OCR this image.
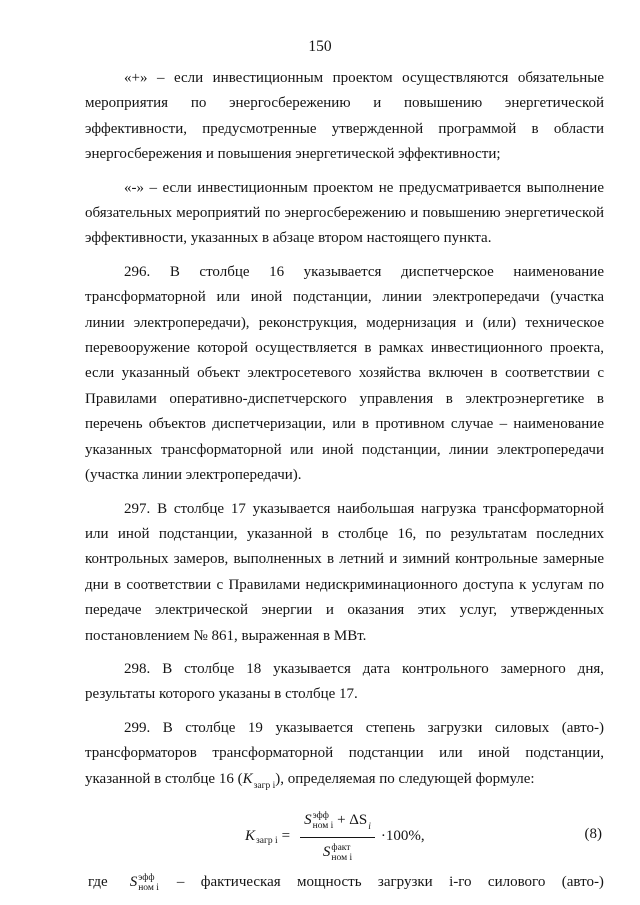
150

«+» – если инвестиционным проектом осуществляются обязательные мероприятия по энергосбережению и повышению энергетической эффективности, предусмотренные утвержденной программой в области энергосбережения и повышения энергетической эффективности;

«-» – если инвестиционным проектом не предусматривается выполнение обязательных мероприятий по энергосбережению и повышению энергетической эффективности, указанных в абзаце втором настоящего пункта.

296. В столбце 16 указывается диспетчерское наименование трансформаторной или иной подстанции, линии электропередачи (участка линии электропередачи), реконструкция, модернизация и (или) техническое перевооружение которой осуществляется в рамках инвестиционного проекта, если указанный объект электросетевого хозяйства включен в соответствии с Правилами оперативно-диспетчерского управления в электроэнергетике в перечень объектов диспетчеризации, или в противном случае – наименование указанных трансформаторной или иной подстанции, линии электропередачи (участка линии электропередачи).

297. В столбце 17 указывается наибольшая нагрузка трансформаторной или иной подстанции, указанной в столбце 16, по результатам последних контрольных замеров, выполненных в летний и зимний контрольные замерные дни в соответствии с Правилами недискриминационного доступа к услугам по передаче электрической энергии и оказания этих услуг, утвержденных постановлением № 861, выраженная в МВт.

298. В столбце 18 указывается дата контрольного замерного дня, результаты которого указаны в столбце 17.

299. В столбце 19 указывается степень загрузки силовых (авто-) трансформаторов трансформаторной подстанции или иной подстанции, указанной в столбце 16 $(K_{загр i})$, определяемая по следующей формуле:

K загр i = S эфф
ном $i + \Delta S_i$
S факт
ном i ·100%,	(8)
где S эфф
ном i – фактическая мощность загрузки i-го силового (авто-)
